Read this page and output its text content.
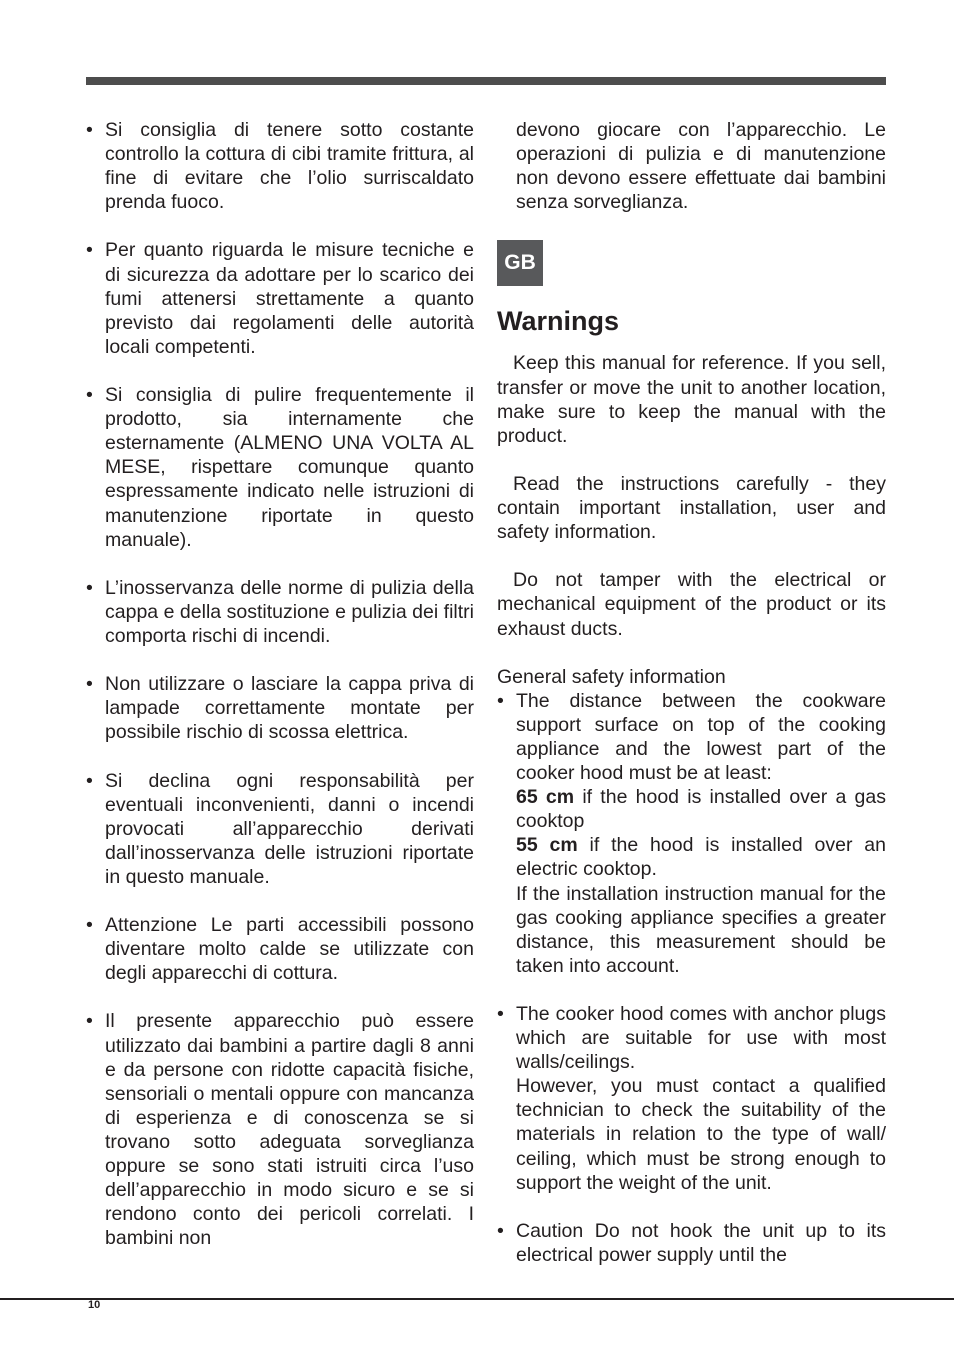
• Si consiglia di tenere sotto costante controllo la cottura di cibi tramite frittura, al fine di evitare che l’olio surriscaldato prenda fuoco.

• Per quanto riguarda le misure tecniche e di sicurezza da adottare per lo scarico dei fumi attenersi strettamente a quanto previsto dai regolamenti delle autorità locali competenti.

• Si consiglia di pulire frequentemente il prodotto, sia internamente che esternamente (ALMENO UNA VOLTA AL MESE, rispettare comunque quanto espressamente indicato nelle istruzioni di manutenzione riportate in questo manuale).

• L’inosservanza delle norme di pulizia della cappa e della sostituzione e pulizia dei filtri comporta rischi di incendi.

• Non utilizzare o lasciare la cappa priva di lampade correttamente montate per possibile rischio di scossa elettrica.

• Si declina ogni responsabilità per eventuali inconvenienti, danni o incendi provocati all’apparecchio derivati dall’inosservanza delle istruzioni riportate in questo manuale.

• Attenzione Le parti accessibili possono diventare molto calde se utilizzate con degli apparecchi di cottura.

• Il presente apparecchio può essere utilizzato dai bambini a partire dagli 8 anni e da persone con ridotte capacità fisiche, sensoriali o mentali oppure con mancanza di esperienza e di conoscenza se si trovano sotto adeguata sorveglianza oppure se sono stati istruiti circa l’uso dell’apparecchio in modo sicuro e se si rendono conto dei pericoli correlati. I bambini non

devono giocare con l’apparecchio. Le operazioni di pulizia e di manutenzione non devono essere effettuate dai bambini senza sorveglianza.

GB
Warnings

Keep this manual for reference. If you sell, transfer or move the unit to another location, make sure to keep the manual with the product.

Read the instructions carefully - they contain important installation, user and safety information.

Do not tamper with the electrical or mechanical equipment of the product or its exhaust ducts.

General safety information

• The distance between the cookware support surface on top of the cooking appliance and the lowest part of the cooker hood must be at least:

65 cm if the hood is installed over a gas cooktop

55 cm if the hood is installed over an electric cooktop.

If the installation instruction manual for the gas cooking appliance specifies a greater distance, this measurement should be taken into account.

• The cooker hood comes with anchor plugs which are suitable for use with most walls/ceilings.

However, you must contact a qualified technician to check the suitability of the materials in relation to the type of wall/ ceiling, which must be strong enough to support the weight of the unit.

• Caution Do not hook the unit up to its electrical power supply until the

10
